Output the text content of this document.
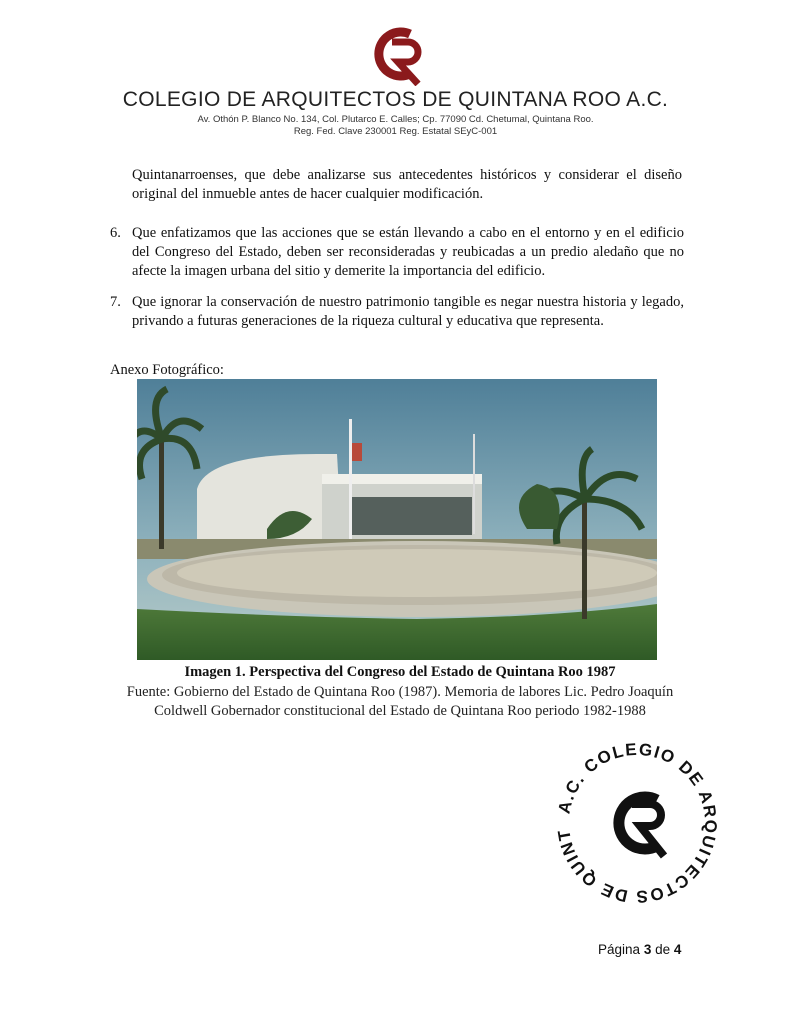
COLEGIO DE ARQUITECTOS DE QUINTANA ROO A.C.
Av. Othón P. Blanco No. 134, Col. Plutarco E. Calles; Cp. 77090 Cd. Chetumal, Quintana Roo.
Reg. Fed. Clave 230001 Reg. Estatal SEyC-001
Quintanarroenses, que debe analizarse sus antecedentes históricos y considerar el diseño original del inmueble antes de hacer cualquier modificación.
6. Que enfatizamos que las acciones que se están llevando a cabo en el entorno y en el edificio del Congreso del Estado, deben ser reconsideradas y reubicadas a un predio aledaño que no afecte la imagen urbana del sitio y demerite la importancia del edificio.
7. Que ignorar la conservación de nuestro patrimonio tangible es negar nuestra historia y legado, privando a futuras generaciones de la riqueza cultural y educativa que representa.
Anexo Fotográfico:
Imagen 1. Perspectiva del Congreso del Estado de Quintana Roo 1987
Fuente: Gobierno del Estado de Quintana Roo (1987). Memoria de labores Lic. Pedro Joaquín Coldwell Gobernador constitucional del Estado de Quintana Roo periodo 1982-1988
A.C. COLEGIO DE ARQUITECTOS DE QUINT
Página 3 de 4
